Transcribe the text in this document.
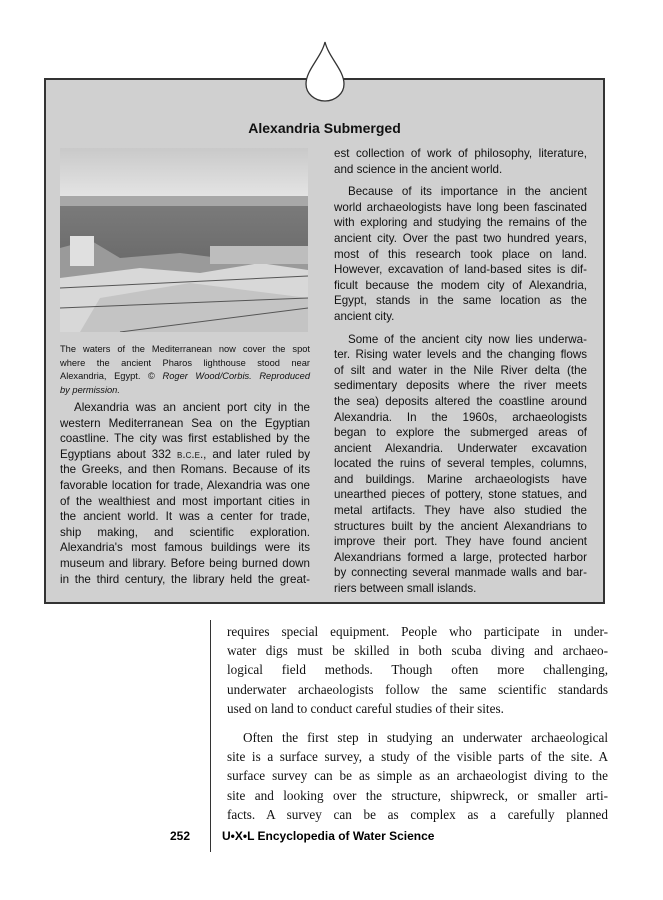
Alexandria Submerged
The waters of the Mediterranean now cover the spot
where the ancient Pharos lighthouse stood near
Alexandria, Egypt. © Roger Wood/Corbis. Reproduced
by permission.
Alexandria was an ancient port city in the
western Mediterranean Sea on the Egyptian
coastline. The city was first established by the
Egyptians about 332 b.c.e., and later ruled by
the Greeks, and then Romans. Because of its
favorable location for trade, Alexandria was one
of the wealthiest and most important cities in
the ancient world. It was a center for trade,
ship making, and scientific exploration.
Alexandria's most famous buildings were its
museum and library. Before being burned down
in the third century, the library held the great-
est collection of work of philosophy, literature,
and science in the ancient world.
Because of its importance in the ancient
world archaeologists have long been fascinated
with exploring and studying the remains of the
ancient city. Over the past two hundred years,
most of this research took place on land.
However, excavation of land-based sites is dif-
ficult because the modem city of Alexandria,
Egypt, stands in the same location as the
ancient city.
Some of the ancient city now lies underwa-
ter. Rising water levels and the changing flows
of silt and water in the Nile River delta (the
sedimentary deposits where the river meets
the sea) deposits altered the coastline around
Alexandria. In the 1960s, archaeologists
began to explore the submerged areas of
ancient Alexandria. Underwater excavation
located the ruins of several temples, columns,
and buildings. Marine archaeologists have
unearthed pieces of pottery, stone statues, and
metal artifacts. They have also studied the
structures built by the ancient Alexandrians to
improve their port. They have found ancient
Alexandrians formed a large, protected harbor
by connecting several manmade walls and bar-
riers between small islands.
requires special equipment. People who participate in under-
water digs must be skilled in both scuba diving and archaeo-
logical field methods. Though often more challenging,
underwater archaeologists follow the same scientific standards
used on land to conduct careful studies of their sites.
Often the first step in studying an underwater archaeological
site is a surface survey, a study of the visible parts of the site. A
surface survey can be as simple as an archaeologist diving to the
site and looking over the structure, shipwreck, or smaller arti-
facts. A survey can be as complex as a carefully planned
252	U•X•L Encyclopedia of Water Science
